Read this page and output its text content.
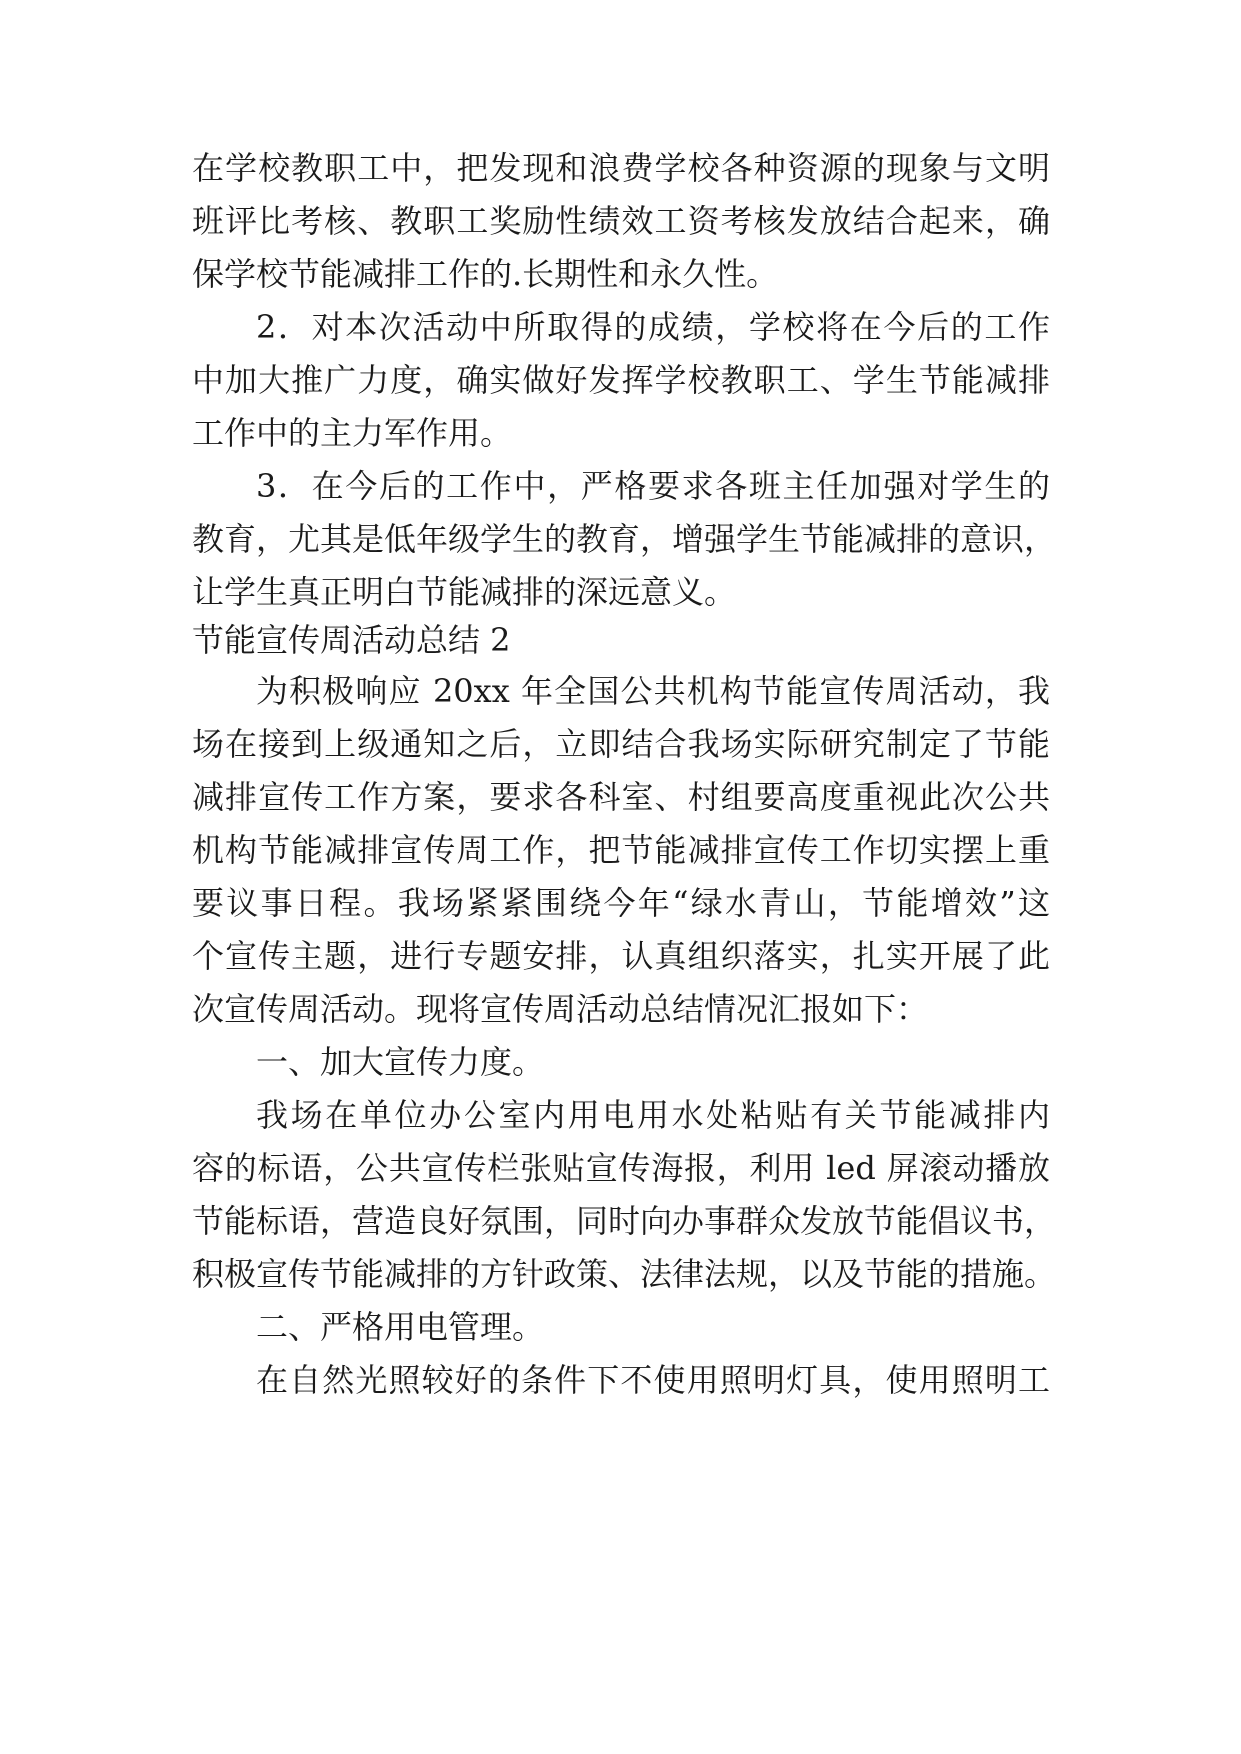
在学校教职工中，把发现和浪费学校各种资源的现象与文明
班评比考核、教职工奖励性绩效工资考核发放结合起来，确
保学校节能减排工作的.长期性和永久性。
2．对本次活动中所取得的成绩，学校将在今后的工作
中加大推广力度，确实做好发挥学校教职工、学生节能减排
工作中的主力军作用。
3．在今后的工作中，严格要求各班主任加强对学生的
教育，尤其是低年级学生的教育，增强学生节能减排的意识，
让学生真正明白节能减排的深远意义。
节能宣传周活动总结 2
为积极响应 20xx 年全国公共机构节能宣传周活动，我
场在接到上级通知之后，立即结合我场实际研究制定了节能
减排宣传工作方案，要求各科室、村组要高度重视此次公共
机构节能减排宣传周工作，把节能减排宣传工作切实摆上重
要议事日程。我场紧紧围绕今年“绿水青山，节能增效”这
个宣传主题，进行专题安排，认真组织落实，扎实开展了此
次宣传周活动。现将宣传周活动总结情况汇报如下：
一、加大宣传力度。
我场在单位办公室内用电用水处粘贴有关节能减排内
容的标语，公共宣传栏张贴宣传海报，利用 led 屏滚动播放
节能标语，营造良好氛围，同时向办事群众发放节能倡议书，
积极宣传节能减排的方针政策、法律法规，以及节能的措施。
二、严格用电管理。
在自然光照较好的条件下不使用照明灯具，使用照明工
